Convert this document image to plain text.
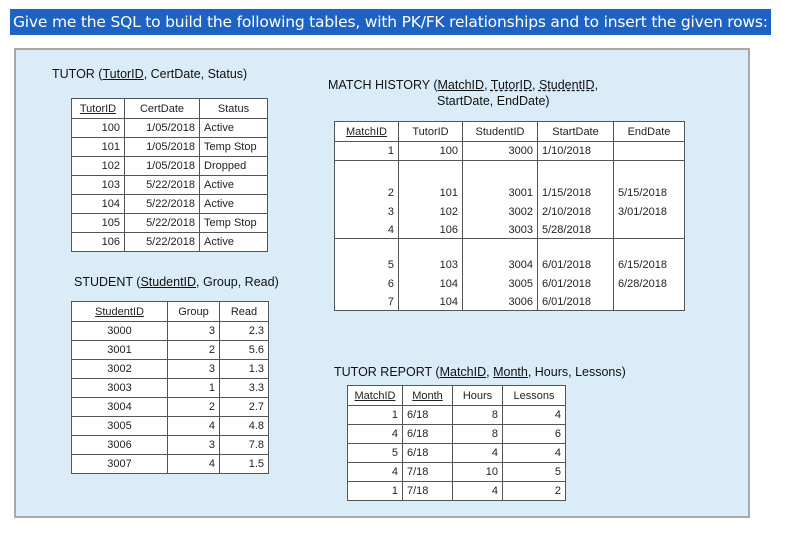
Give me the SQL to build the following tables, with PK/FK relationships and to insert the given rows:
TUTOR (TutorID, CertDate, Status)
TutorID	CertDate	Status
100	1/05/2018	Active
101	1/05/2018	Temp Stop
102	1/05/2018	Dropped
103	5/22/2018	Active
104	5/22/2018	Active
105	5/22/2018	Temp Stop
106	5/22/2018	Active
STUDENT (StudentID, Group, Read)
StudentID	Group	Read
3000	3	2.3
3001	2	5.6
3002	3	1.3
3003	1	3.3
3004	2	2.7
3005	4	4.8
3006	3	7.8
3007	4	1.5
MATCH HISTORY (MatchID, TutorID, StudentID,
StartDate, EndDate)
MatchID	TutorID	StudentID	StartDate	EndDate
1	100	3000	1/10/2018	
2	101	3001	1/15/2018	5/15/2018
3	102	3002	2/10/2018	3/01/2018
4	106	3003	5/28/2018	
5	103	3004	6/01/2018	6/15/2018
6	104	3005	6/01/2018	6/28/2018
7	104	3006	6/01/2018	
TUTOR REPORT (MatchID, Month, Hours, Lessons)
MatchID	Month	Hours	Lessons
1	6/18	8	4
4	6/18	8	6
5	6/18	4	4
4	7/18	10	5
1	7/18	4	2
